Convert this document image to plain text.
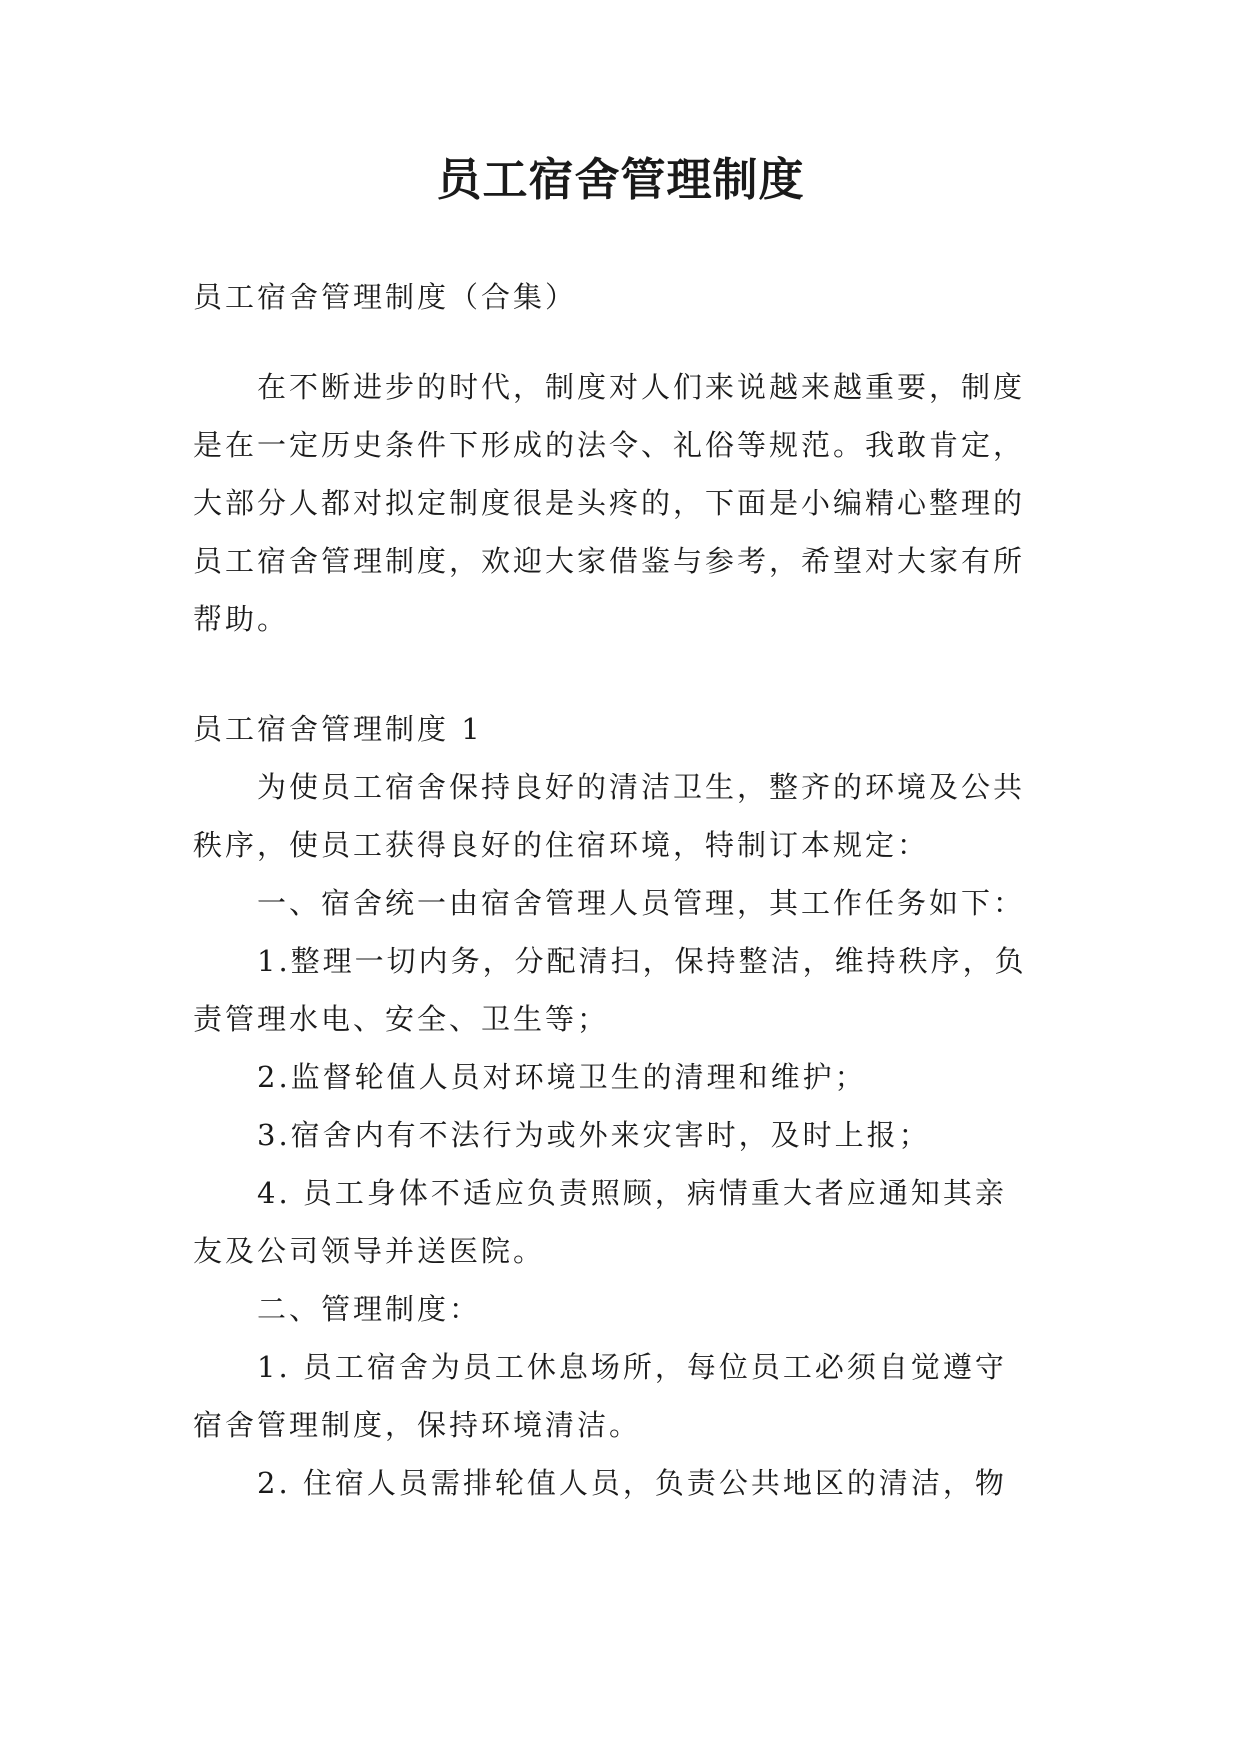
员工宿舍管理制度

员工宿舍管理制度（合集）

在不断进步的时代，制度对人们来说越来越重要，制度
是在一定历史条件下形成的法令、礼俗等规范。我敢肯定，
大部分人都对拟定制度很是头疼的，下面是小编精心整理的
员工宿舍管理制度，欢迎大家借鉴与参考，希望对大家有所
帮助。

员工宿舍管理制度 1
为使员工宿舍保持良好的清洁卫生，整齐的环境及公共
秩序，使员工获得良好的住宿环境，特制订本规定：
一、宿舍统一由宿舍管理人员管理，其工作任务如下：
1.整理一切内务，分配清扫，保持整洁，维持秩序，负
责管理水电、安全、卫生等；
2.监督轮值人员对环境卫生的清理和维护；
3.宿舍内有不法行为或外来灾害时，及时上报；
4. 员工身体不适应负责照顾，病情重大者应通知其亲
友及公司领导并送医院。
二、管理制度：
1. 员工宿舍为员工休息场所，每位员工必须自觉遵守
宿舍管理制度，保持环境清洁。
2. 住宿人员需排轮值人员，负责公共地区的清洁，物
